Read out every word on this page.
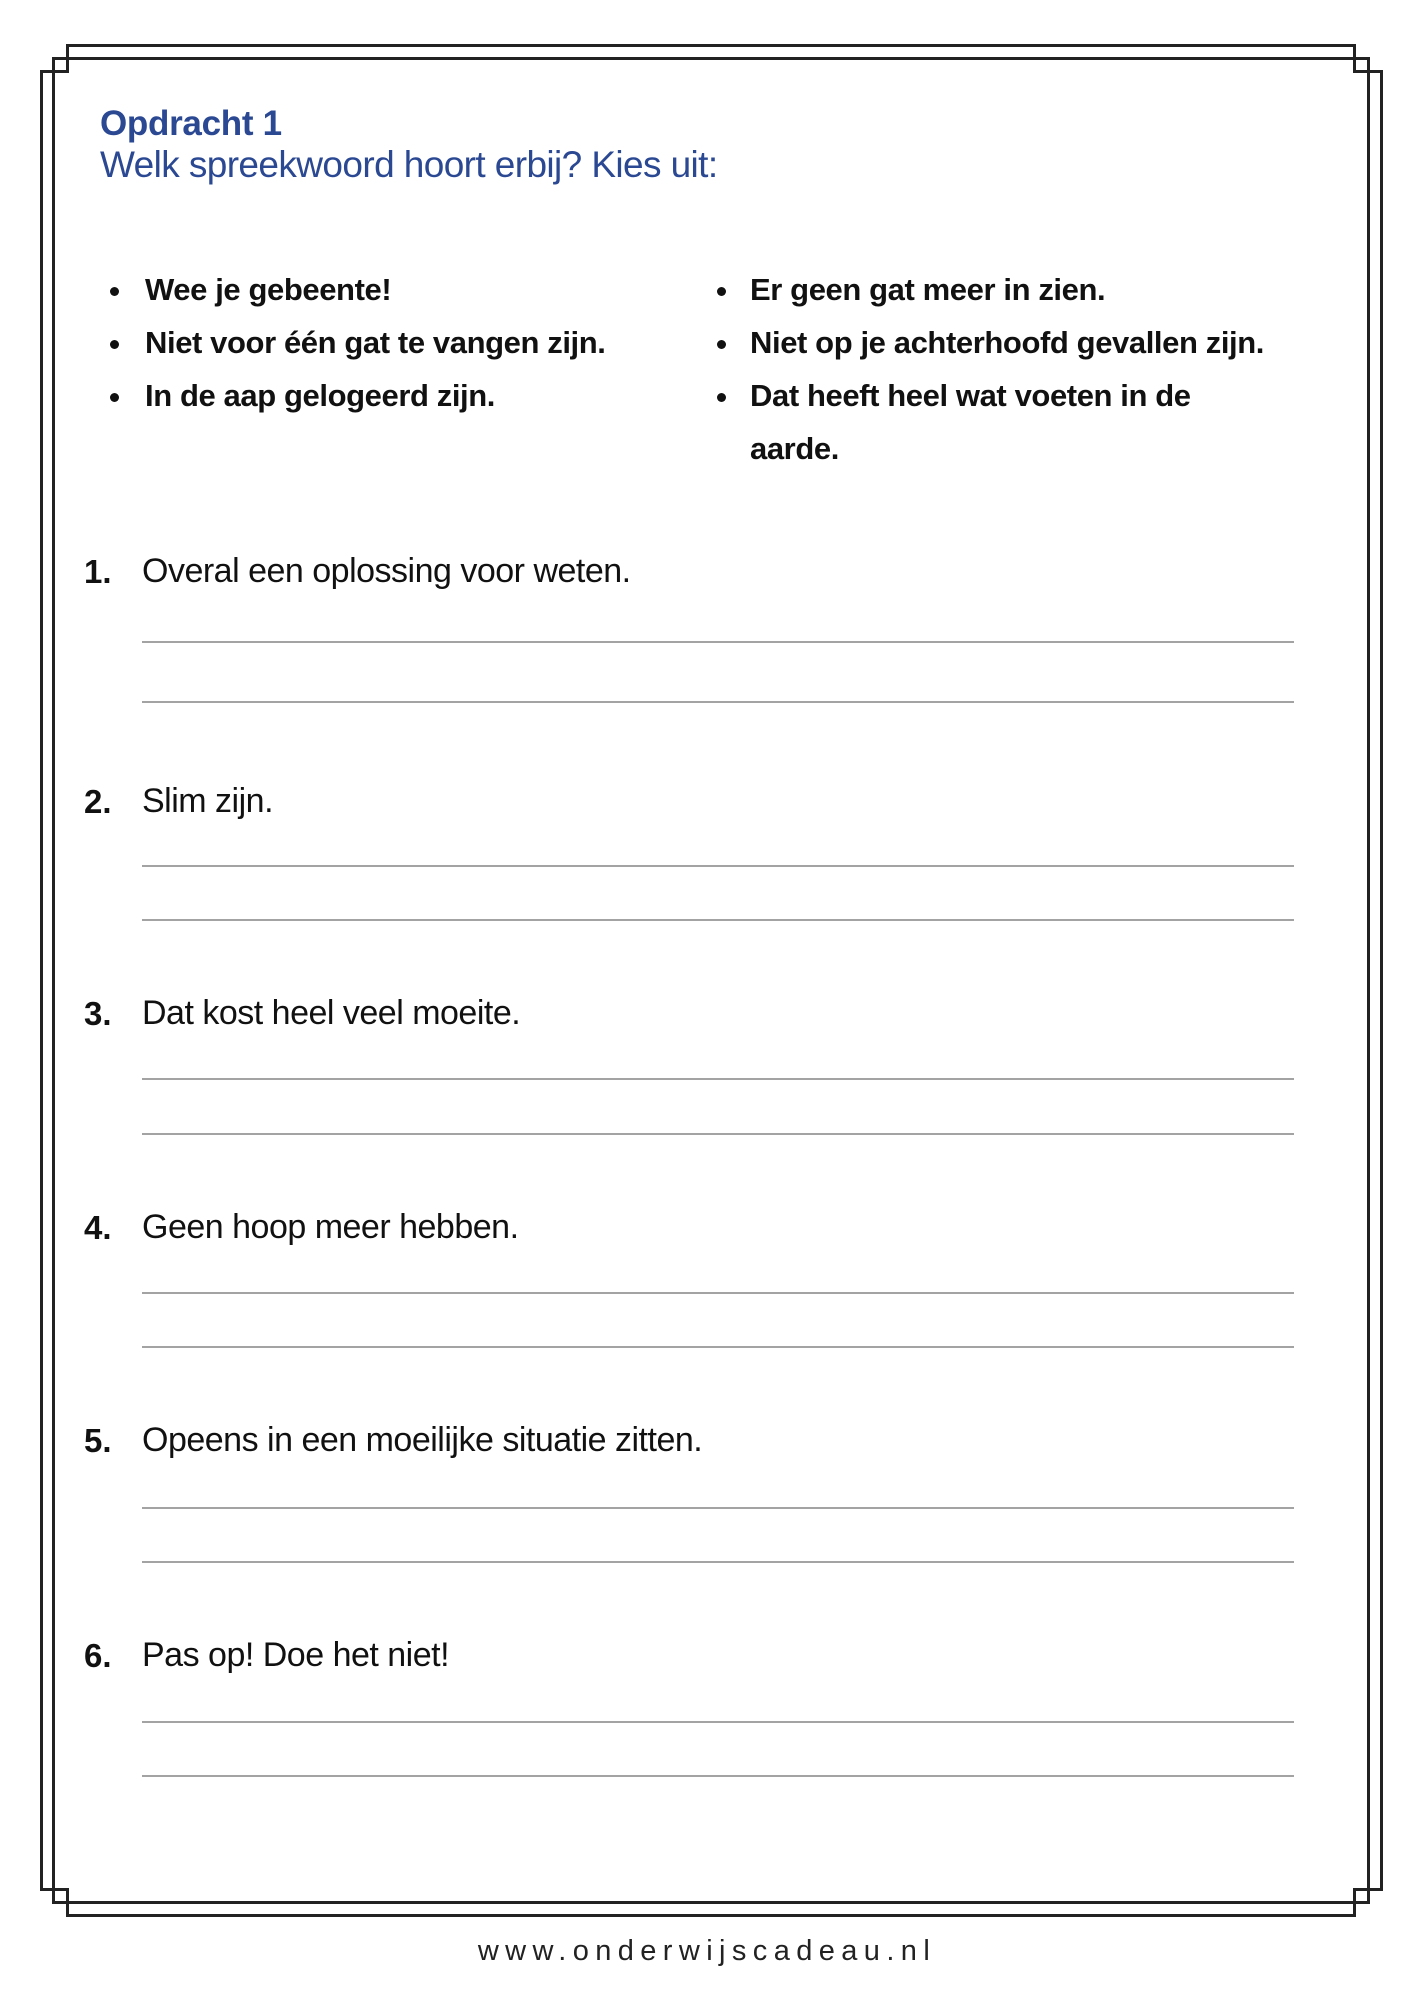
Opdracht 1
Welk spreekwoord hoort erbij? Kies uit:
Wee je gebeente!
Niet voor één gat te vangen zijn.
In de aap gelogeerd zijn.
Er geen gat meer in zien.
Niet op je achterhoofd gevallen zijn.
Dat heeft heel wat voeten in de
aarde.
1. Overal een oplossing voor weten.
2. Slim zijn.
3. Dat kost heel veel moeite.
4. Geen hoop meer hebben.
5. Opeens in een moeilijke situatie zitten.
6. Pas op! Doe het niet!
www.onderwijscadeau.nl
